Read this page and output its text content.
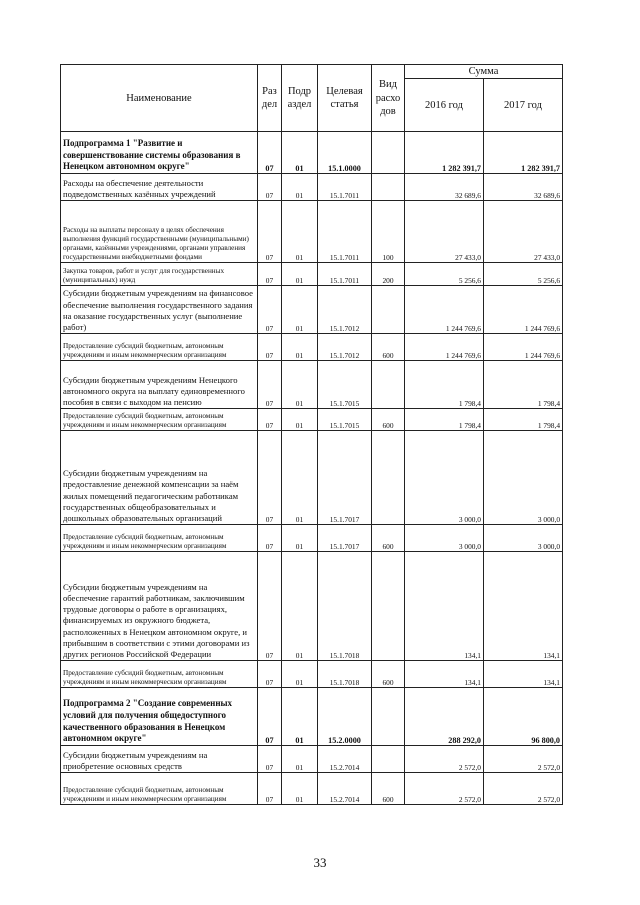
Наименование	Раз дел	Подр аздел	Целевая статья	Вид расхо дов	Сумма	
					2016 год	2017 год
Подпрограмма 1 "Развитие и совершенствование системы образования в Ненецком автономном округе"	07	01	15.1.0000		1 282 391,7	1 282 391,7
Расходы на обеспечение деятельности подведомственных казённых учреждений	07	01	15.1.7011		32 689,6	32 689,6
Расходы на выплаты персоналу в целях обеспечения выполнения функций государственными (муниципальными) органами, казёнными учреждениями, органами управления государственными внебюджетными фондами	07	01	15.1.7011	100	27 433,0	27 433,0
Закупка товаров, работ и услуг для государственных (муниципальных) нужд	07	01	15.1.7011	200	5 256,6	5 256,6
Субсидии бюджетным учреждениям на финансовое обеспечение выполнения государственного задания на оказание государственных услуг (выполнение работ)	07	01	15.1.7012		1 244 769,6	1 244 769,6
Предоставление субсидий бюджетным, автономным учреждениям и иным некоммерческим организациям	07	01	15.1.7012	600	1 244 769,6	1 244 769,6
Субсидии бюджетным учреждениям Ненецкого автономного округа на выплату единовременного пособия в связи с выходом на пенсию	07	01	15.1.7015		1 798,4	1 798,4
Предоставление субсидий бюджетным, автономным учреждениям и иным некоммерческим организациям	07	01	15.1.7015	600	1 798,4	1 798,4
Субсидии бюджетным учреждениям на предоставление денежной компенсации за наём жилых помещений педагогическим работникам государственных общеобразовательных и дошкольных образовательных организаций	07	01	15.1.7017		3 000,0	3 000,0
Предоставление субсидий бюджетным, автономным учреждениям и иным некоммерческим организациям	07	01	15.1.7017	600	3 000,0	3 000,0
Субсидии бюджетным учреждениям на обеспечение гарантий работникам, заключившим трудовые договоры о работе в организациях, финансируемых из окружного бюджета, расположенных в Ненецком автономном округе, и прибывшим в соответствии с этими договорами из других регионов Российской Федерации	07	01	15.1.7018		134,1	134,1
Предоставление субсидий бюджетным, автономным учреждениям и иным некоммерческим организациям	07	01	15.1.7018	600	134,1	134,1
Подпрограмма 2 "Создание современных условий для получения общедоступного качественного образования в Ненецком автономном округе"	07	01	15.2.0000		288 292,0	96 800,0
Субсидии бюджетным учреждениям на приобретение основных средств	07	01	15.2.7014		2 572,0	2 572,0
Предоставление субсидий бюджетным, автономным учреждениям и иным некоммерческим организациям	07	01	15.2.7014	600	2 572,0	2 572,0
33
